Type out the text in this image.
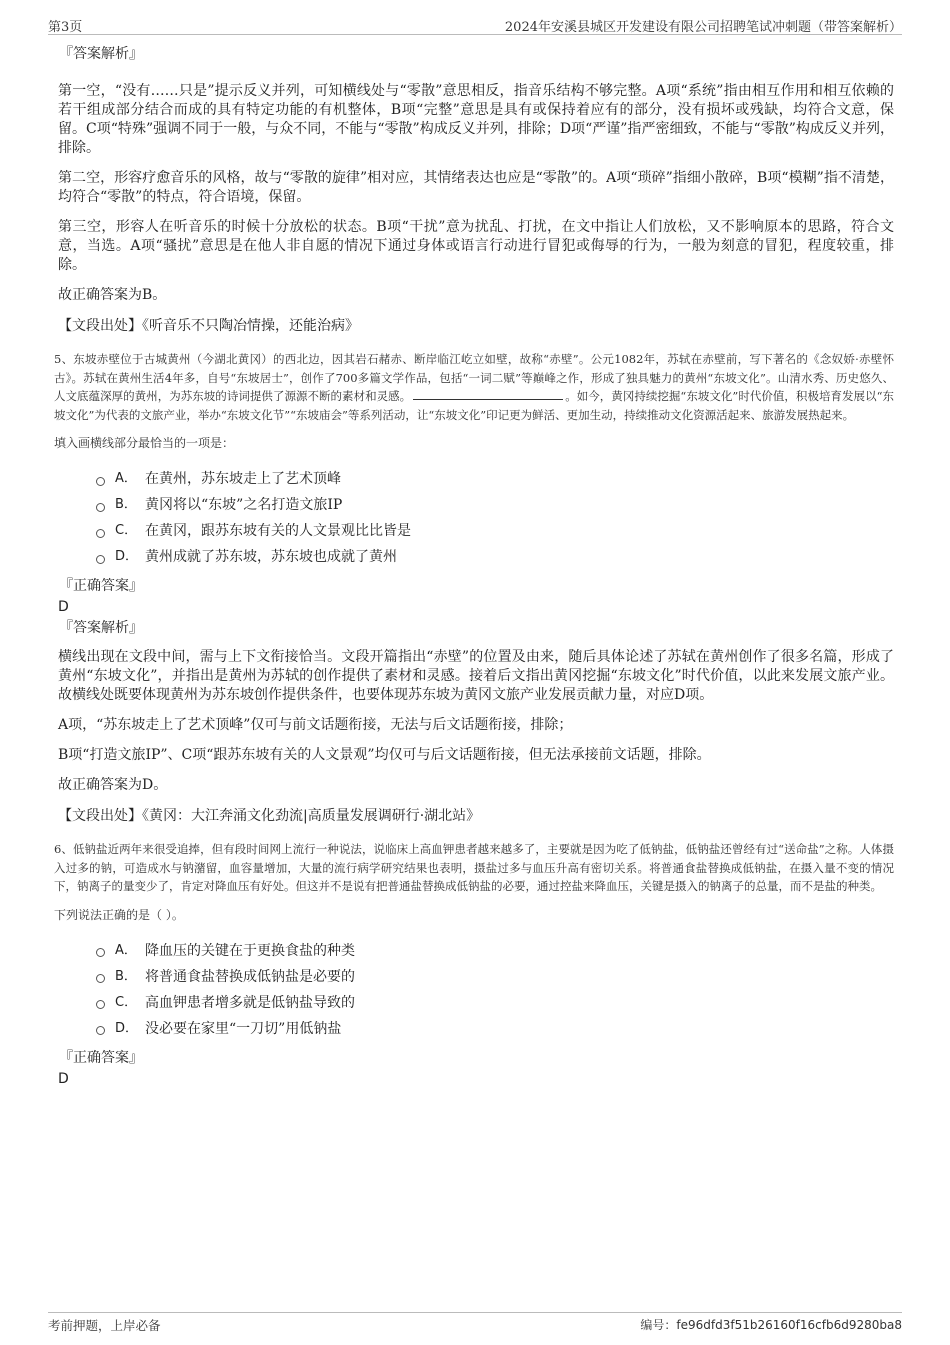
第3页	2024年安溪县城区开发建设有限公司招聘笔试冲刺题（带答案解析）
『答案解析』

第一空，“没有……只是”提示反义并列，可知横线处与“零散”意思相反，指音乐结构不够完整。A项“系统”指由相互作用和相互依赖的若干组成部分结合而成的具有特定功能的有机整体，B项“完整”意思是具有或保持着应有的部分，没有损坏或残缺，均符合文意，保留。C项“特殊”强调不同于一般，与众不同，不能与“零散”构成反义并列，排除；D项“严谨”指严密细致，不能与“零散”构成反义并列，排除。

第二空，形容疗愈音乐的风格，故与“零散的旋律”相对应，其情绪表达也应是“零散”的。A项“琐碎”指细小散碎，B项“模糊”指不清楚，均符合“零散”的特点，符合语境，保留。

第三空，形容人在听音乐的时候十分放松的状态。B项“干扰”意为扰乱、打扰，在文中指让人们放松，又不影响原本的思路，符合文意，当选。A项“骚扰”意思是在他人非自愿的情况下通过身体或语言行动进行冒犯或侮辱的行为，一般为刻意的冒犯，程度较重，排除。

故正确答案为B。

【文段出处】《听音乐不只陶冶情操，还能治病》

5、东坡赤壁位于古城黄州（今湖北黄冈）的西北边，因其岩石赭赤、断岸临江屹立如壁，故称“赤壁”。公元1082年，苏轼在赤壁前，写下著名的《念奴娇·赤壁怀古》。苏轼在黄州生活4年多，自号“东坡居士”，创作了700多篇文学作品，包括“一词二赋”等巅峰之作，形成了独具魅力的黄州“东坡文化”。山清水秀、历史悠久、人文底蕴深厚的黄州，为苏东坡的诗词提供了源源不断的素材和灵感。	。如今，黄冈持续挖掘“东坡文化”时代价值，积极培育发展以“东坡文化”为代表的文旅产业，举办“东坡文化节”“东坡庙会”等系列活动，让“东坡文化”印记更为鲜活、更加生动，持续推动文化资源活起来、旅游发展热起来。

填入画横线部分最恰当的一项是：
A． 在黄州，苏东坡走上了艺术顶峰
B． 黄冈将以“东坡”之名打造文旅IP
C． 在黄冈，跟苏东坡有关的人文景观比比皆是
D． 黄州成就了苏东坡，苏东坡也成就了黄州
『正确答案』
D
『答案解析』

横线出现在文段中间，需与上下文衔接恰当。文段开篇指出“赤壁”的位置及由来，随后具体论述了苏轼在黄州创作了很多名篇，形成了黄州“东坡文化”，并指出是黄州为苏轼的创作提供了素材和灵感。接着后文指出黄冈挖掘“东坡文化”时代价值，以此来发展文旅产业。故横线处既要体现黄州为苏东坡创作提供条件，也要体现苏东坡为黄冈文旅产业发展贡献力量，对应D项。

A项，“苏东坡走上了艺术顶峰”仅可与前文话题衔接，无法与后文话题衔接，排除；

B项“打造文旅IP”、C项“跟苏东坡有关的人文景观”均仅可与后文话题衔接，但无法承接前文话题，排除。

故正确答案为D。

【文段出处】《黄冈：大江奔涌文化劲流|高质量发展调研行·湖北站》

6、低钠盐近两年来很受追捧，但有段时间网上流行一种说法，说临床上高血钾患者越来越多了，主要就是因为吃了低钠盐，低钠盐还曾经有过“送命盐”之称。人体摄入过多的钠，可造成水与钠潴留，血容量增加，大量的流行病学研究结果也表明，摄盐过多与血压升高有密切关系。将普通食盐替换成低钠盐，在摄入量不变的情况下，钠离子的量变少了，肯定对降血压有好处。但这并不是说有把普通盐替换成低钠盐的必要，通过控盐来降血压，关键是摄入的钠离子的总量，而不是盐的种类。

下列说法正确的是（ ）。
A． 降血压的关键在于更换食盐的种类
B． 将普通食盐替换成低钠盐是必要的
C． 高血钾患者增多就是低钠盐导致的
D． 没必要在家里“一刀切”用低钠盐
『正确答案』
D
考前押题，上岸必备	编号：fe96dfd3f51b26160f16cfb6d9280ba8
